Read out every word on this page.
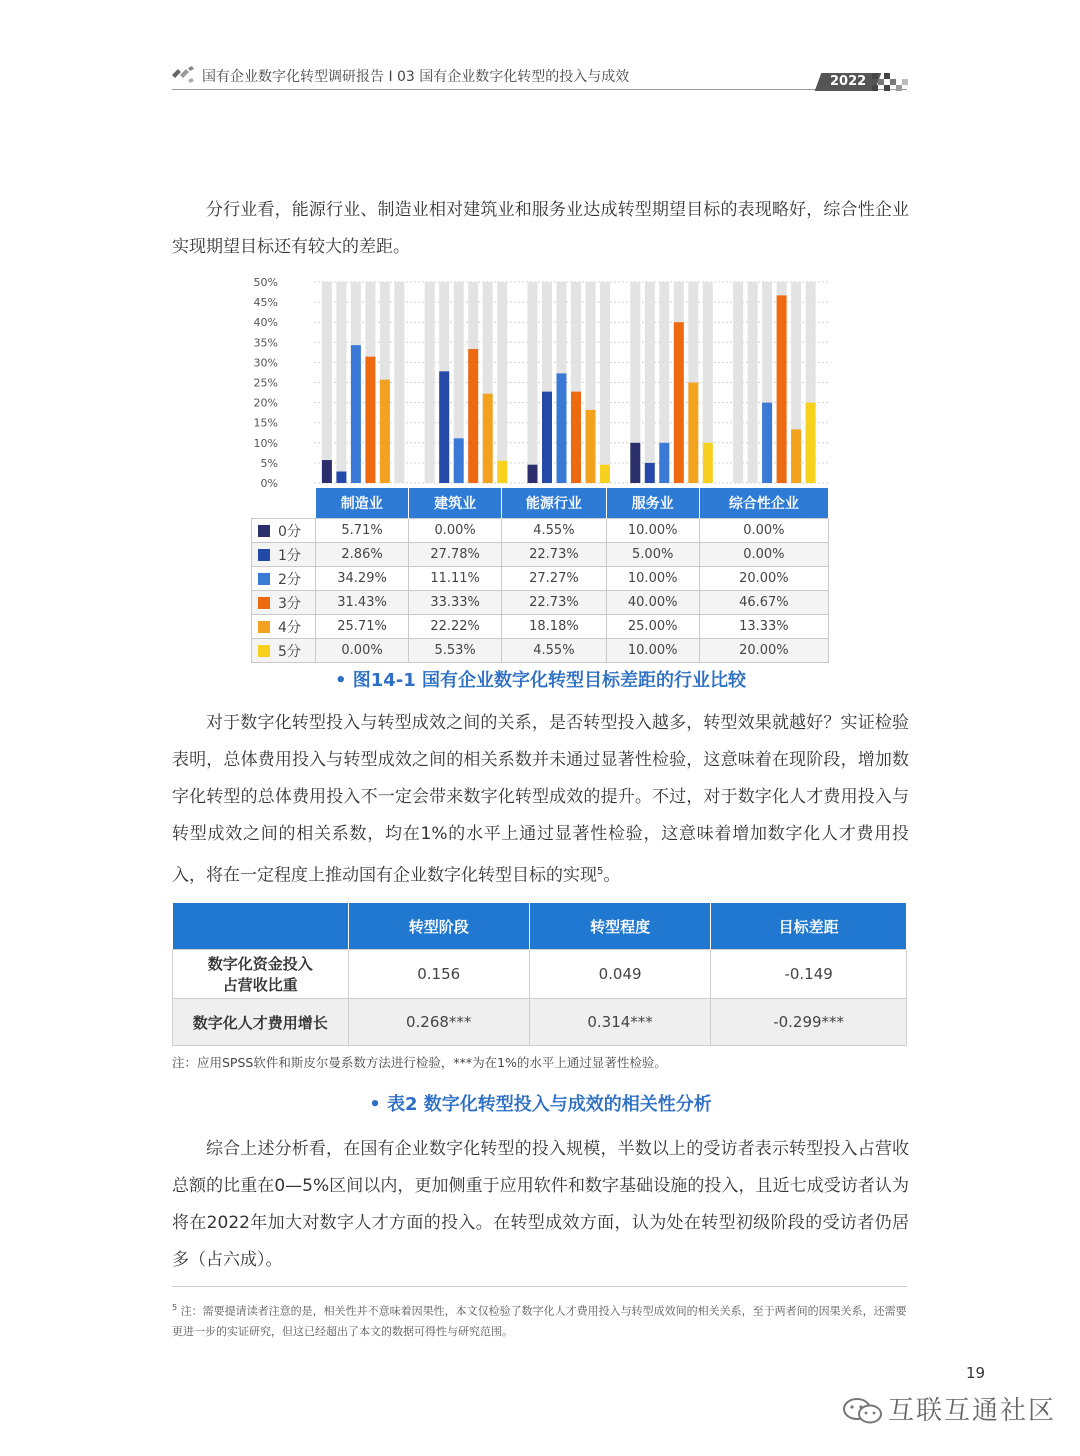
国有企业数字化转型调研报告 I 03 国有企业数字化转型的投入与成效	2022
分行业看，能源行业、制造业相对建筑业和服务业达成转型期望目标的表现略好，综合性企业实现期望目标还有较大的差距。
50%
45%
40%
35%
30%
25%
20%
15%
10%
5%
0%
	制造业	建筑业	能源行业	服务业	综合性企业
0分	5.71%	0.00%	4.55%	10.00%	0.00%
1分	2.86%	27.78%	22.73%	5.00%	0.00%
2分	34.29%	11.11%	27.27%	10.00%	20.00%
3分	31.43%	33.33%	22.73%	40.00%	46.67%
4分	25.71%	22.22%	18.18%	25.00%	13.33%
5分	0.00%	5.53%	4.55%	10.00%	20.00%
• 图14-1 国有企业数字化转型目标差距的行业比较
对于数字化转型投入与转型成效之间的关系，是否转型投入越多，转型效果就越好？实证检验表明，总体费用投入与转型成效之间的相关系数并未通过显著性检验，这意味着在现阶段，增加数字化转型的总体费用投入不一定会带来数字化转型成效的提升。不过，对于数字化人才费用投入与转型成效之间的相关系数，均在1%的水平上通过显著性检验，这意味着增加数字化人才费用投入，将在一定程度上推动国有企业数字化转型目标的实现$^5$。
	转型阶段	转型程度	目标差距

数字化资金投入
占营收比重	0.156	0.049	-0.149
数字化人才费用增长	0.268***	0.314***	-0.299***
注：应用SPSS软件和斯皮尔曼系数方法进行检验，***为在1%的水平上通过显著性检验。
• 表2 数字化转型投入与成效的相关性分析
综合上述分析看，在国有企业数字化转型的投入规模，半数以上的受访者表示转型投入占营收总额的比重在0—5%区间以内，更加侧重于应用软件和数字基础设施的投入，且近七成受访者认为将在2022年加大对数字人才方面的投入。在转型成效方面，认为处在转型初级阶段的受访者仍居多（占六成）。
$^5$ 注：需要提请读者注意的是，相关性并不意味着因果性，本文仅检验了数字化人才费用投入与转型成效间的相关关系，至于两者间的因果关系，还需要更进一步的实证研究，但这已经超出了本文的数据可得性与研究范围。
19
互联互通社区
